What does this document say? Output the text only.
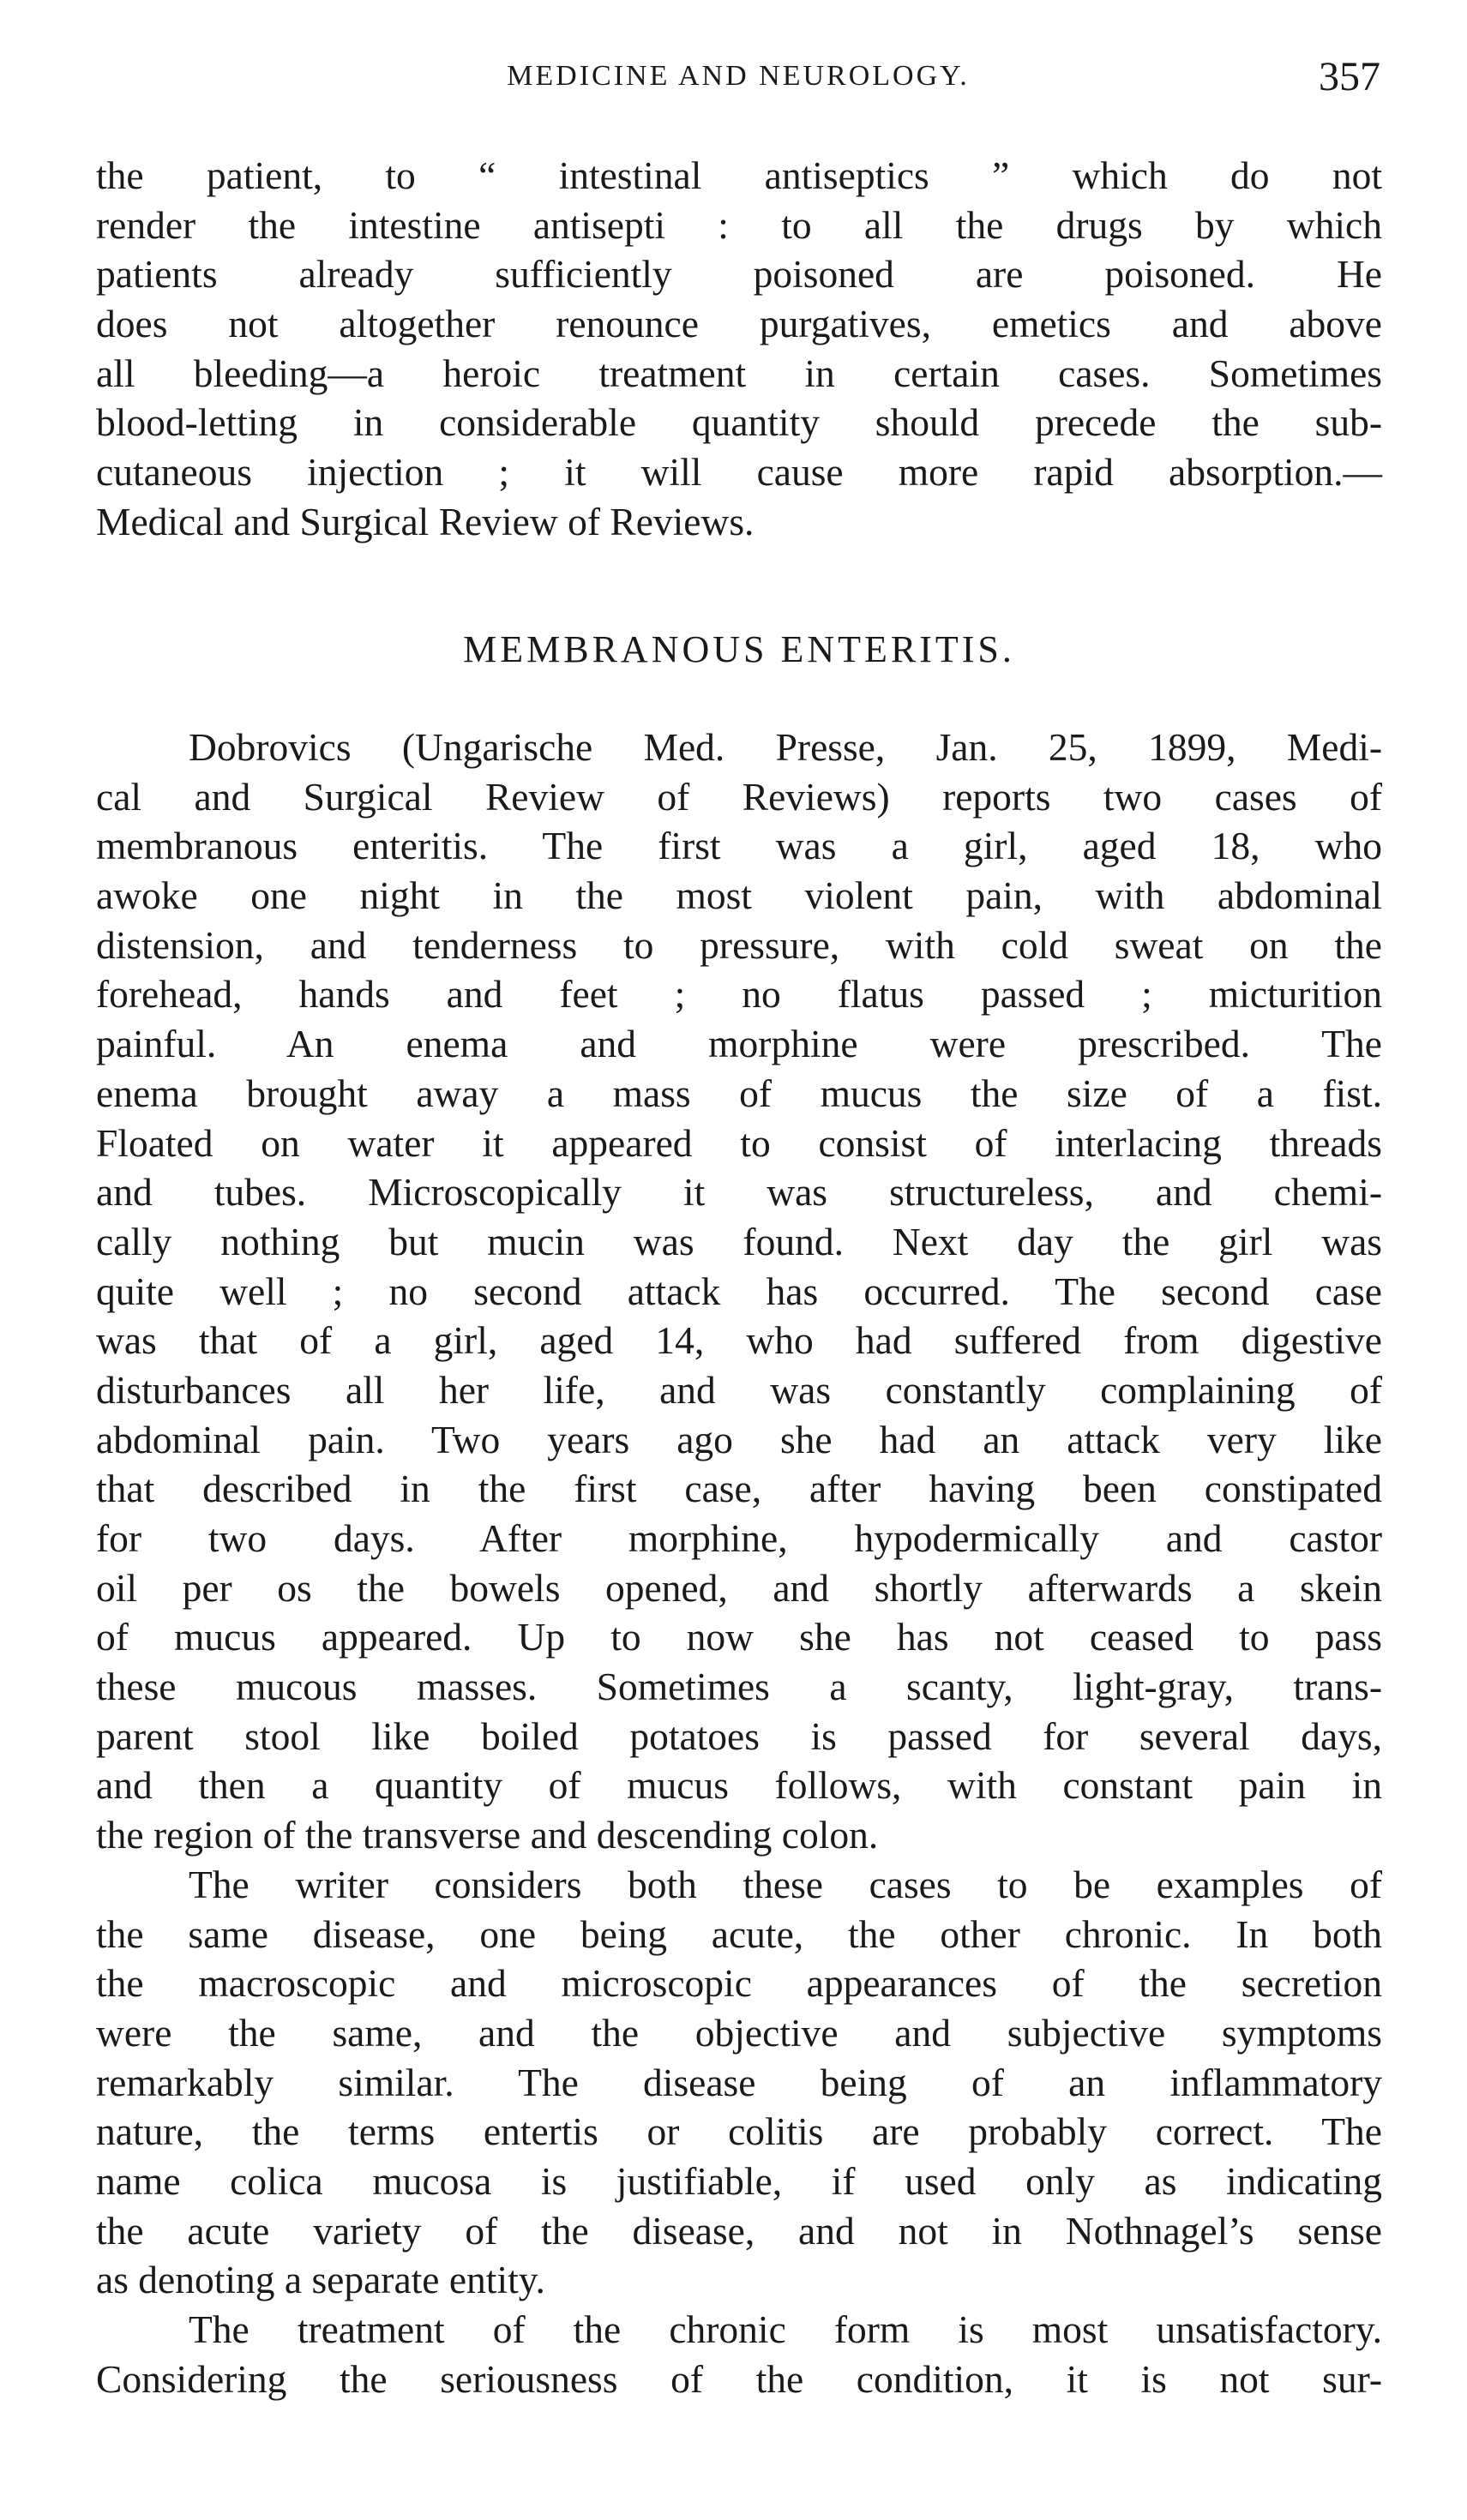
MEDICINE AND NEUROLOGY.	357
the patient, to “ intestinal antiseptics ” which do not
render the intestine antisepti : to all the drugs by which
patients already sufficiently poisoned are poisoned. He
does not altogether renounce purgatives, emetics and above
all bleeding—a heroic treatment in certain cases. Sometimes
blood-letting in considerable quantity should precede the sub-
cutaneous injection ; it will cause more rapid absorption.—
Medical and Surgical Review of Reviews.
MEMBRANOUS ENTERITIS.
Dobrovics (Ungarische Med. Presse, Jan. 25, 1899, Medi-
cal and Surgical Review of Reviews) reports two cases of
membranous enteritis. The first was a girl, aged 18, who
awoke one night in the most violent pain, with abdominal
distension, and tenderness to pressure, with cold sweat on the
forehead, hands and feet ; no flatus passed ; micturition
painful. An enema and morphine were prescribed. The
enema brought away a mass of mucus the size of a fist.
Floated on water it appeared to consist of interlacing threads
and tubes. Microscopically it was structureless, and chemi-
cally nothing but mucin was found. Next day the girl was
quite well ; no second attack has occurred. The second case
was that of a girl, aged 14, who had suffered from digestive
disturbances all her life, and was constantly complaining of
abdominal pain. Two years ago she had an attack very like
that described in the first case, after having been constipated
for two days. After morphine, hypodermically and castor
oil per os the bowels opened, and shortly afterwards a skein
of mucus appeared. Up to now she has not ceased to pass
these mucous masses. Sometimes a scanty, light-gray, trans-
parent stool like boiled potatoes is passed for several days,
and then a quantity of mucus follows, with constant pain in
the region of the transverse and descending colon.
The writer considers both these cases to be examples of
the same disease, one being acute, the other chronic. In both
the macroscopic and microscopic appearances of the secretion
were the same, and the objective and subjective symptoms
remarkably similar. The disease being of an inflammatory
nature, the terms entertis or colitis are probably correct. The
name colica mucosa is justifiable, if used only as indicating
the acute variety of the disease, and not in Nothnagel’s sense
as denoting a separate entity.
The treatment of the chronic form is most unsatisfactory.
Considering the seriousness of the condition, it is not sur-
